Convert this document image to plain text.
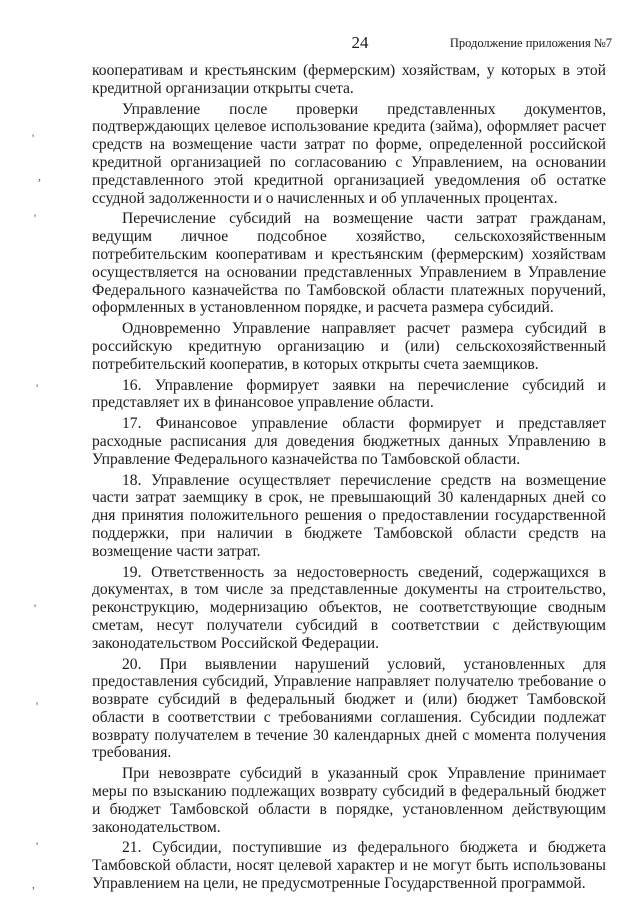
24	Продолжение приложения №7

кооперативам и крестьянским (фермерским) хозяйствам, у которых в этой кредитной организации открыты счета.

Управление после проверки представленных документов, подтверждающих целевое использование кредита (займа), оформляет расчет средств на возмещение части затрат по форме, определенной российской кредитной организацией по согласованию с Управлением, на основании представленного этой кредитной организацией уведомления об остатке ссудной задолженности и о начисленных и об уплаченных процентах.

Перечисление субсидий на возмещение части затрат гражданам, ведущим личное подсобное хозяйство, сельскохозяйственным потребительским кооперативам и крестьянским (фермерским) хозяйствам осуществляется на основании представленных Управлением в Управление Федерального казначейства по Тамбовской области платежных поручений, оформленных в установленном порядке, и расчета размера субсидий.

Одновременно Управление направляет расчет размера субсидий в российскую кредитную организацию и (или) сельскохозяйственный потребительский кооператив, в которых открыты счета заемщиков.

16. Управление формирует заявки на перечисление субсидий и представляет их в финансовое управление области.

17. Финансовое управление области формирует и представляет расходные расписания для доведения бюджетных данных Управлению в Управление Федерального казначейства по Тамбовской области.

18. Управление осуществляет перечисление средств на возмещение части затрат заемщику в срок, не превышающий 30 календарных дней со дня принятия положительного решения о предоставлении государственной поддержки, при наличии в бюджете Тамбовской области средств на возмещение части затрат.

19. Ответственность за недостоверность сведений, содержащихся в документах, в том числе за представленные документы на строительство, реконструкцию, модернизацию объектов, не соответствующие сводным сметам, несут получатели субсидий в соответствии с действующим законодательством Российской Федерации.

20. При выявлении нарушений условий, установленных для предоставления субсидий, Управление направляет получателю требование о возврате субсидий в федеральный бюджет и (или) бюджет Тамбовской области в соответствии с требованиями соглашения. Субсидии подлежат возврату получателем в течение 30 календарных дней с момента получения требования.

При невозврате субсидий в указанный срок Управление принимает меры по взысканию подлежащих возврату субсидий в федеральный бюджет и бюджет Тамбовской области в порядке, установленном действующим законодательством.

21. Субсидии, поступившие из федерального бюджета и бюджета Тамбовской области, носят целевой характер и не могут быть использованы Управлением на цели, не предусмотренные Государственной программой.

'
,
'
'
'
'
'
,
